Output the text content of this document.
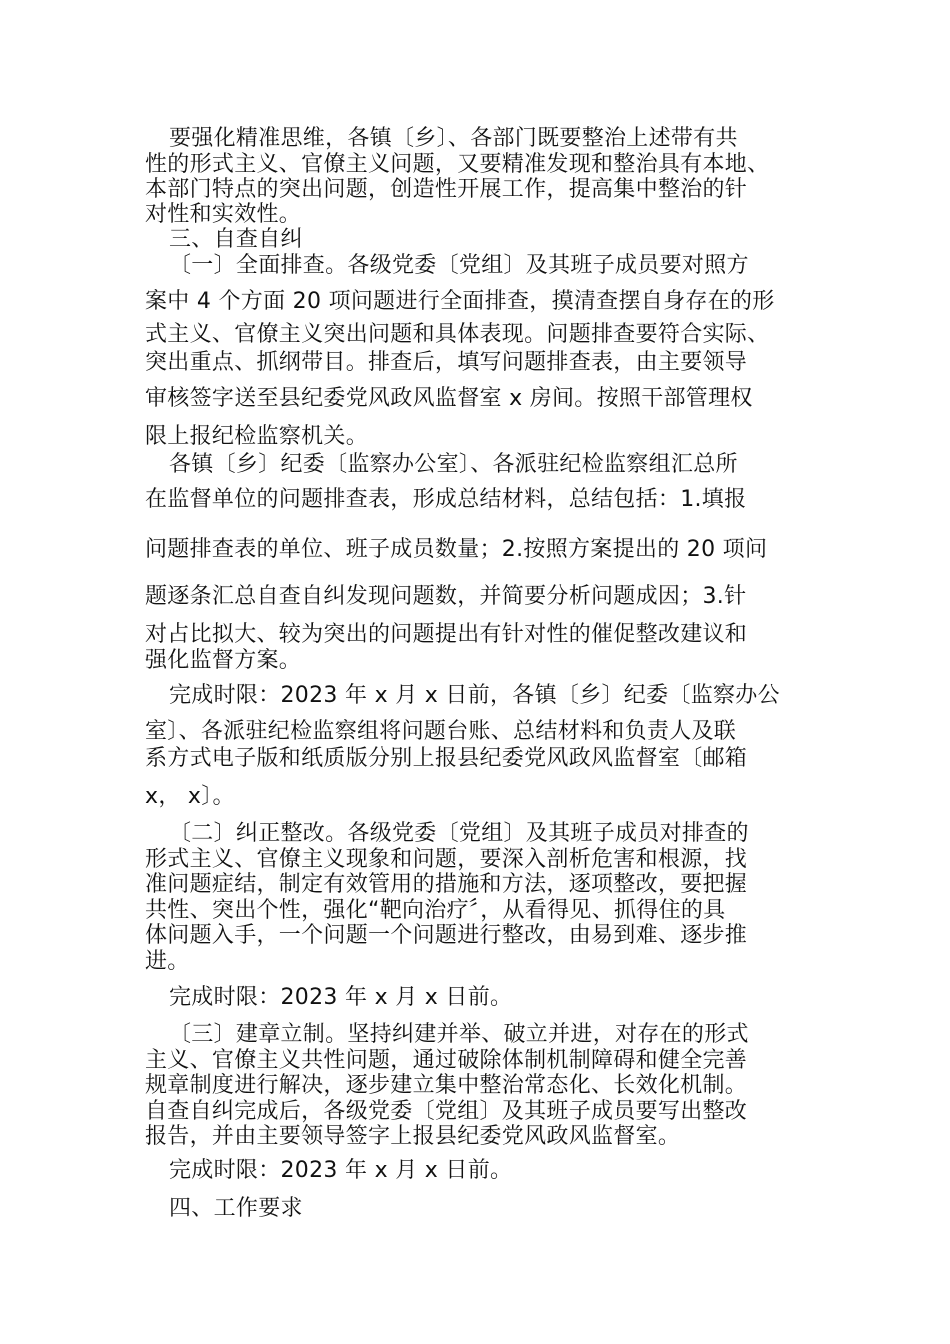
要强化精准思维，各镇〔乡〕、各部门既要整治上述带有共
性的形式主义、官僚主义问题，又要精准发现和整治具有本地、
本部门特点的突出问题，创造性开展工作，提高集中整治的针
对性和实效性。
三、自查自纠
〔一〕全面排查。各级党委〔党组〕及其班子成员要对照方
案中 4 个方面 20 项问题进行全面排查，摸清查摆自身存在的形
式主义、官僚主义突出问题和具体表现。问题排查要符合实际、
突出重点、抓纲带目。排查后，填写问题排查表，由主要领导
审核签字送至县纪委党风政风监督室 x 房间。按照干部管理权
限上报纪检监察机关。
各镇〔乡〕纪委〔监察办公室〕、各派驻纪检监察组汇总所
在监督单位的问题排查表，形成总结材料，总结包括：1.填报
问题排查表的单位、班子成员数量；2.按照方案提出的 20 项问
题逐条汇总自查自纠发现问题数，并简要分析问题成因；3.针
对占比拟大、较为突出的问题提出有针对性的催促整改建议和
强化监督方案。
完成时限：2023 年 x 月 x 日前，各镇〔乡〕纪委〔监察办公
室〕、各派驻纪检监察组将问题台账、总结材料和负责人及联
系方式电子版和纸质版分别上报县纪委党风政风监督室〔邮箱
x， x〕。
〔二〕纠正整改。各级党委〔党组〕及其班子成员对排查的
形式主义、官僚主义现象和问题，要深入剖析危害和根源，找
准问题症结，制定有效管用的措施和方法，逐项整改，要把握
共性、突出个性，强化“靶向治疗〞，从看得见、抓得住的具
体问题入手，一个问题一个问题进行整改，由易到难、逐步推
进。
完成时限：2023 年 x 月 x 日前。
〔三〕建章立制。坚持纠建并举、破立并进，对存在的形式
主义、官僚主义共性问题，通过破除体制机制障碍和健全完善
规章制度进行解决，逐步建立集中整治常态化、长效化机制。
自查自纠完成后，各级党委〔党组〕及其班子成员要写出整改
报告，并由主要领导签字上报县纪委党风政风监督室。
完成时限：2023 年 x 月 x 日前。
四、工作要求
